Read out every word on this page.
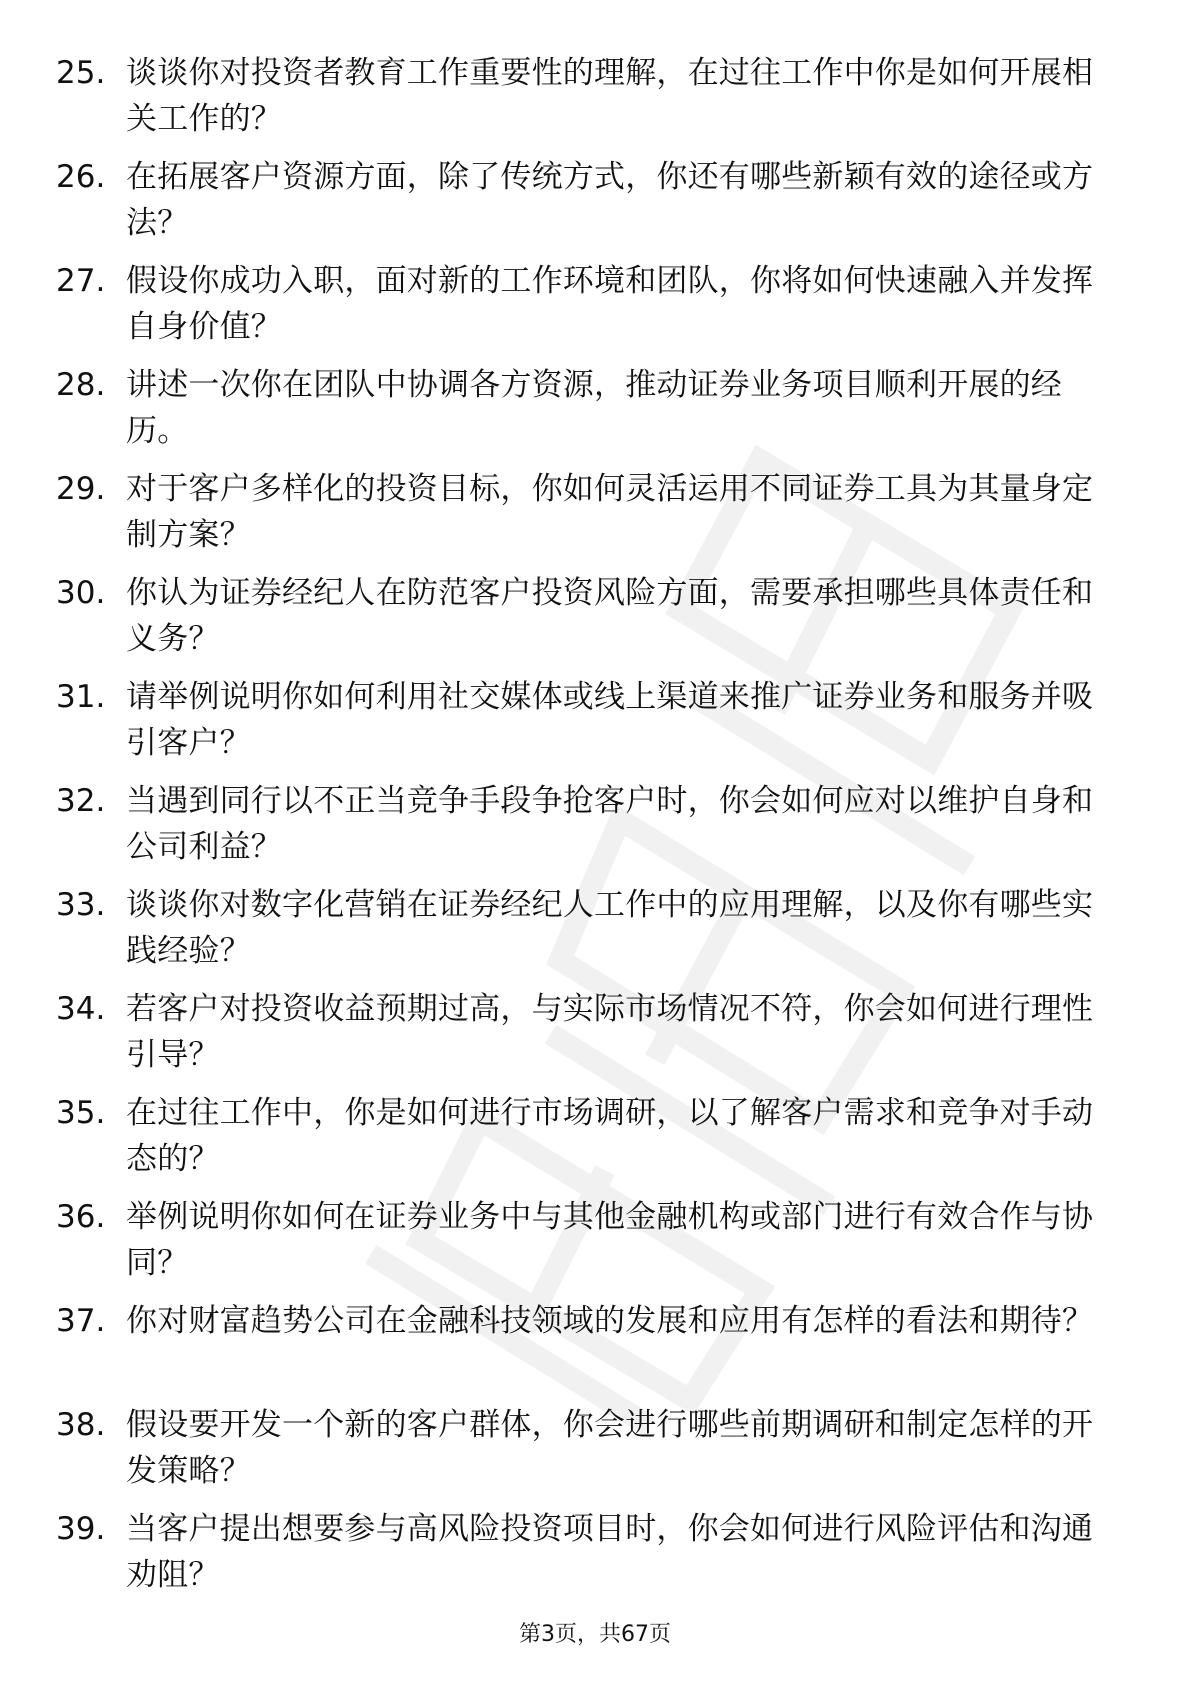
25. 谈谈你对投资者教育工作重要性的理解，在过往工作中你是如何开展相关工作的？
26. 在拓展客户资源方面，除了传统方式，你还有哪些新颖有效的途径或方法？
27. 假设你成功入职，面对新的工作环境和团队，你将如何快速融入并发挥自身价值？
28. 讲述一次你在团队中协调各方资源，推动证券业务项目顺利开展的经历。
29. 对于客户多样化的投资目标，你如何灵活运用不同证券工具为其量身定制方案？
30. 你认为证券经纪人在防范客户投资风险方面，需要承担哪些具体责任和义务？
31. 请举例说明你如何利用社交媒体或线上渠道来推广证券业务和服务并吸引客户？
32. 当遇到同行以不正当竞争手段争抢客户时，你会如何应对以维护自身和公司利益？
33. 谈谈你对数字化营销在证券经纪人工作中的应用理解，以及你有哪些实践经验？
34. 若客户对投资收益预期过高，与实际市场情况不符，你会如何进行理性引导？
35. 在过往工作中，你是如何进行市场调研，以了解客户需求和竞争对手动态的？
36. 举例说明你如何在证券业务中与其他金融机构或部门进行有效合作与协同？
37. 你对财富趋势公司在金融科技领域的发展和应用有怎样的看法和期待？
38. 假设要开发一个新的客户群体，你会进行哪些前期调研和制定怎样的开发策略？
39. 当客户提出想要参与高风险投资项目时，你会如何进行风险评估和沟通劝阻？
第3页，共67页
